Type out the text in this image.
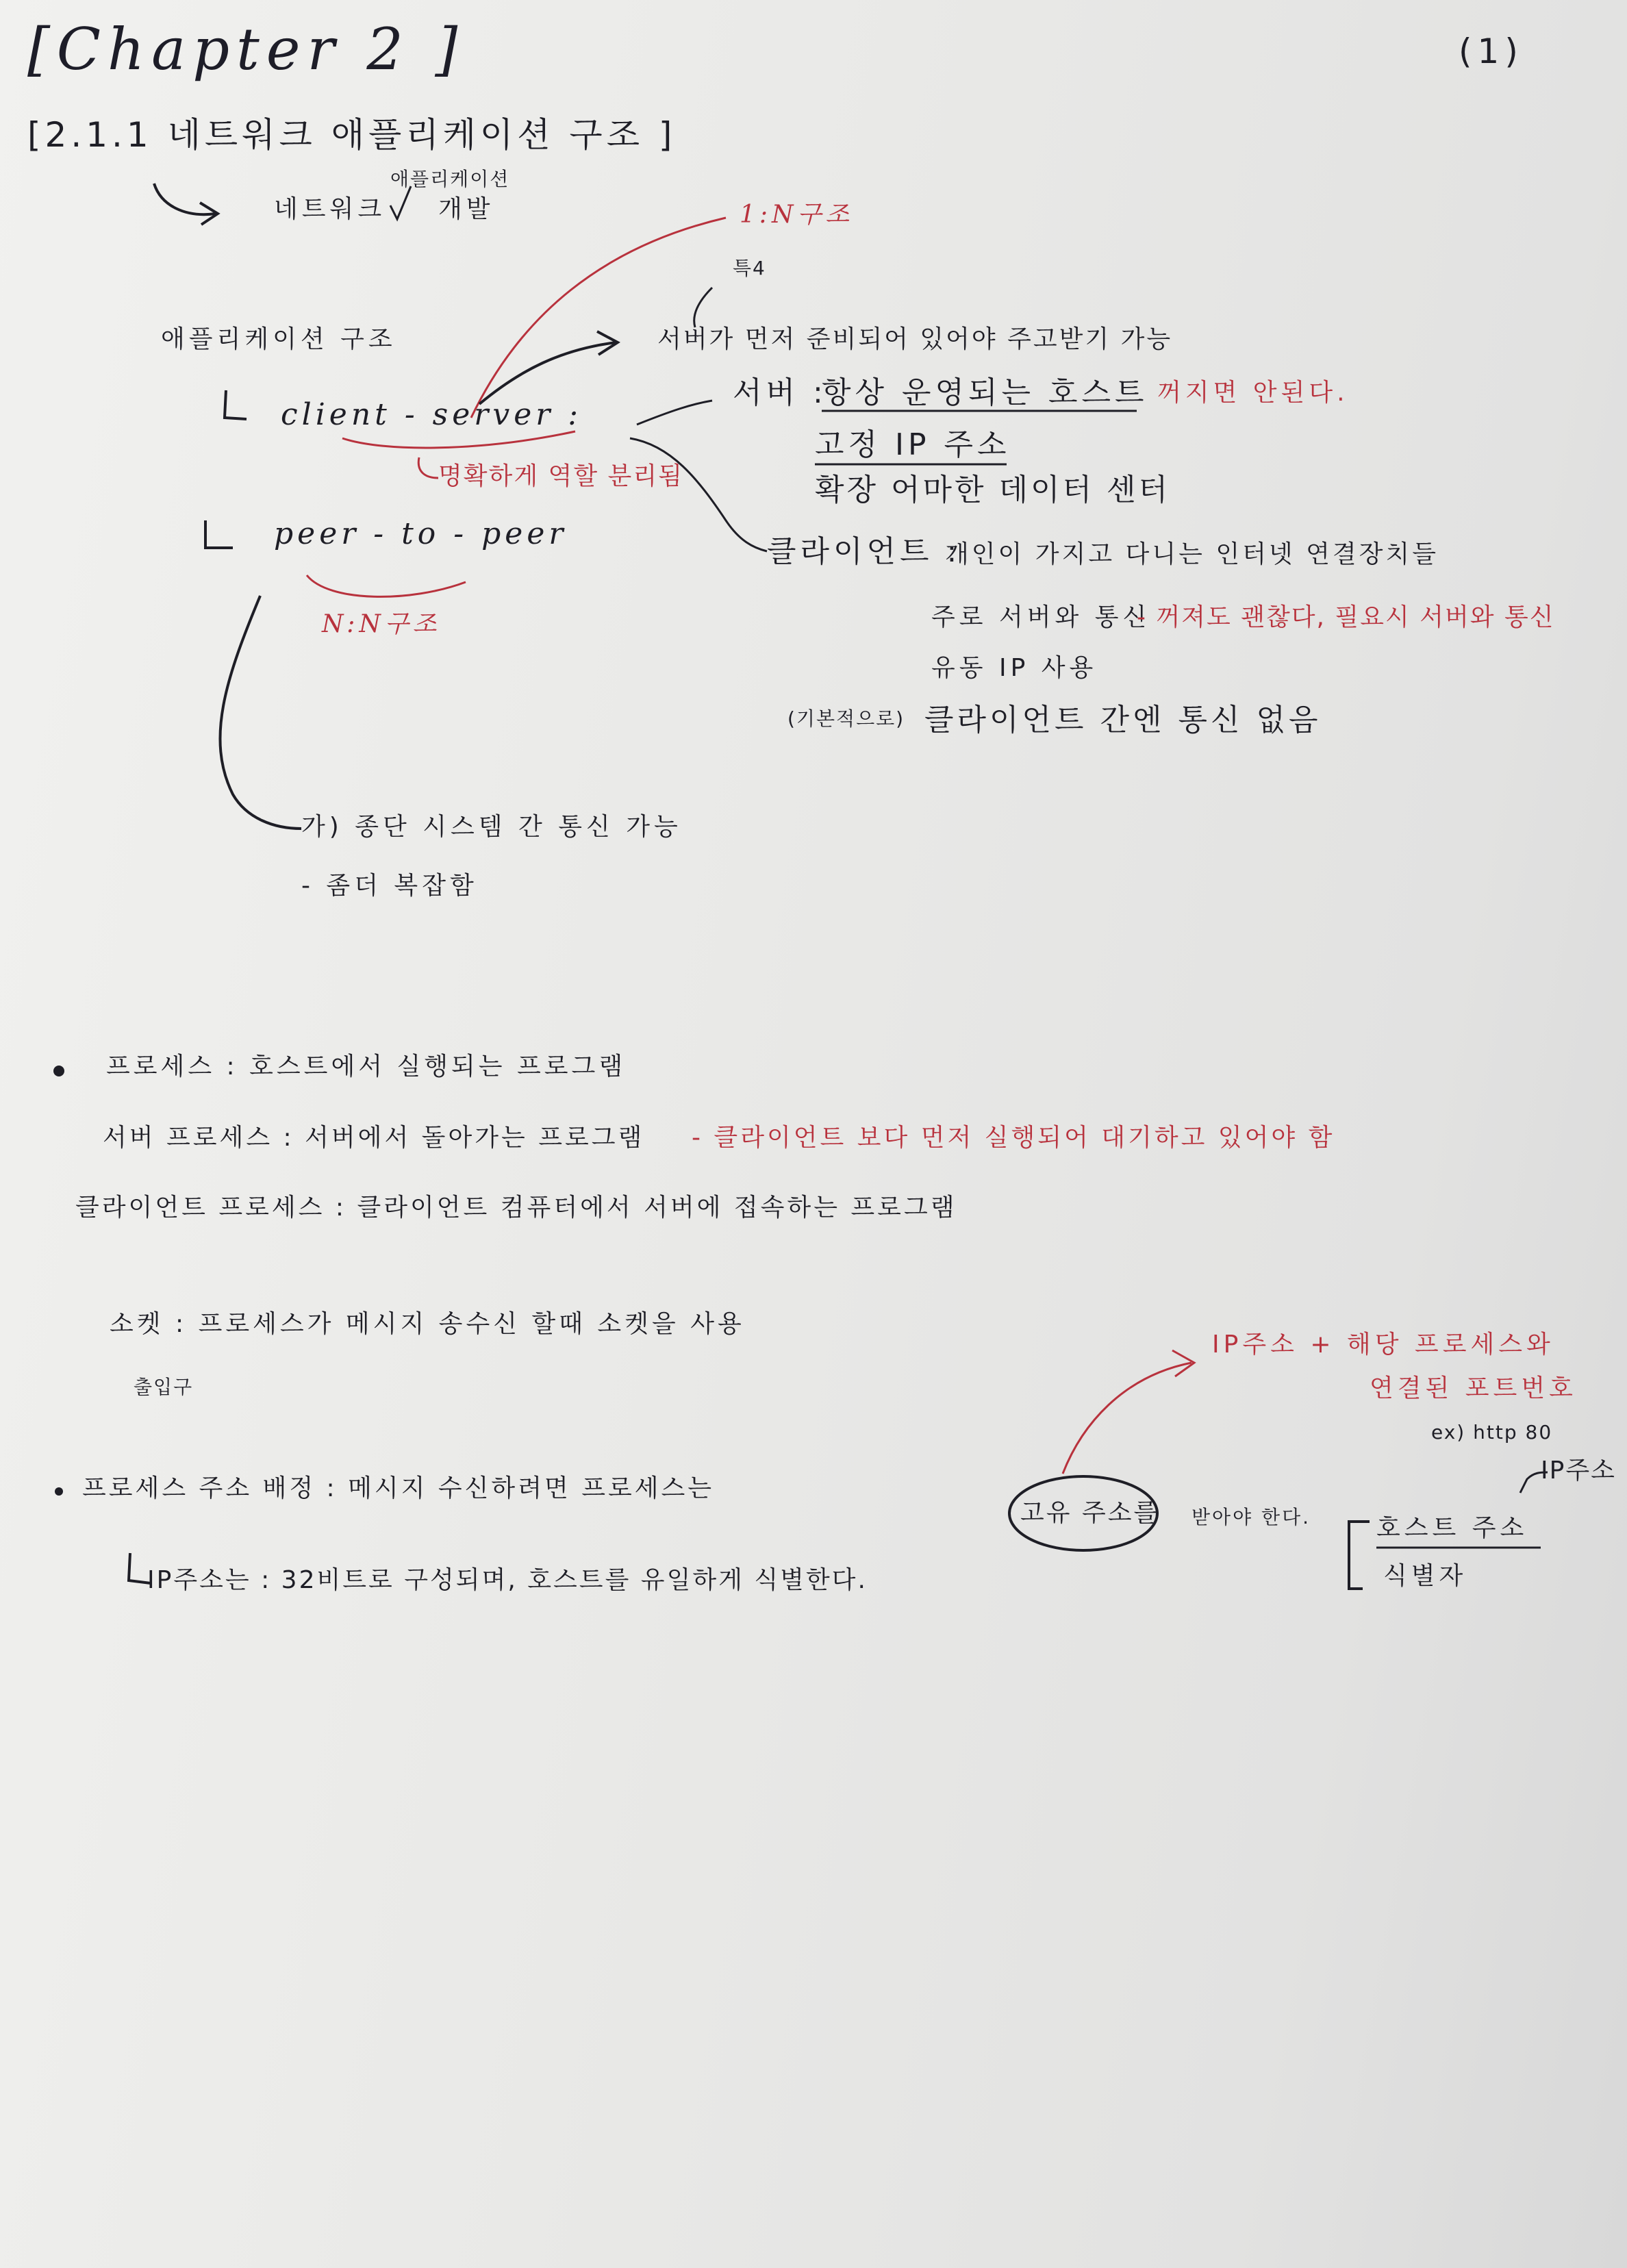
[Chapter 2 ]	(1)
[2.1.1 네트워크 애플리케이션 구조 ]
네트워크
애플리케이션
개발
애플리케이션 구조
client - server :
1:N구조
명확하게 역할 분리됨
특4
서버가 먼저 준비되어 있어야 주고받기 가능
서버 :
항상 운영되는 호스트 꺼지면 안된다.
고정 IP 주소
확장 어마한 데이터 센터
클라이언트 :
개인이 가지고 다니는 인터넷 연결장치들
주로 서버와 통신
- 꺼져도 괜찮다, 필요시 서버와 통신
유동 IP 사용
(기본적으로) 클라이언트 간엔 통신 없음
peer - to - peer
N:N구조
가) 종단 시스템 간 통신 가능
- 좀더 복잡함
프로세스 : 호스트에서 실행되는 프로그램
서버 프로세스 : 서버에서 돌아가는 프로그램 - 클라이언트 보다 먼저 실행되어 대기하고 있어야 함
클라이언트 프로세스 : 클라이언트 컴퓨터에서 서버에 접속하는 프로그램
소켓 : 프로세스가 메시지 송수신 할때 소켓을 사용
출입구
프로세스 주소 배정 : 메시지 수신하려면 프로세스는
고유 주소를 받아야 한다.
IP주소는 : 32비트로 구성되며, 호스트를 유일하게 식별한다.
IP주소 + 해당 프로세스와
연결된 포트번호
ex) http 80
호스트 주소
IP주소
식별자
